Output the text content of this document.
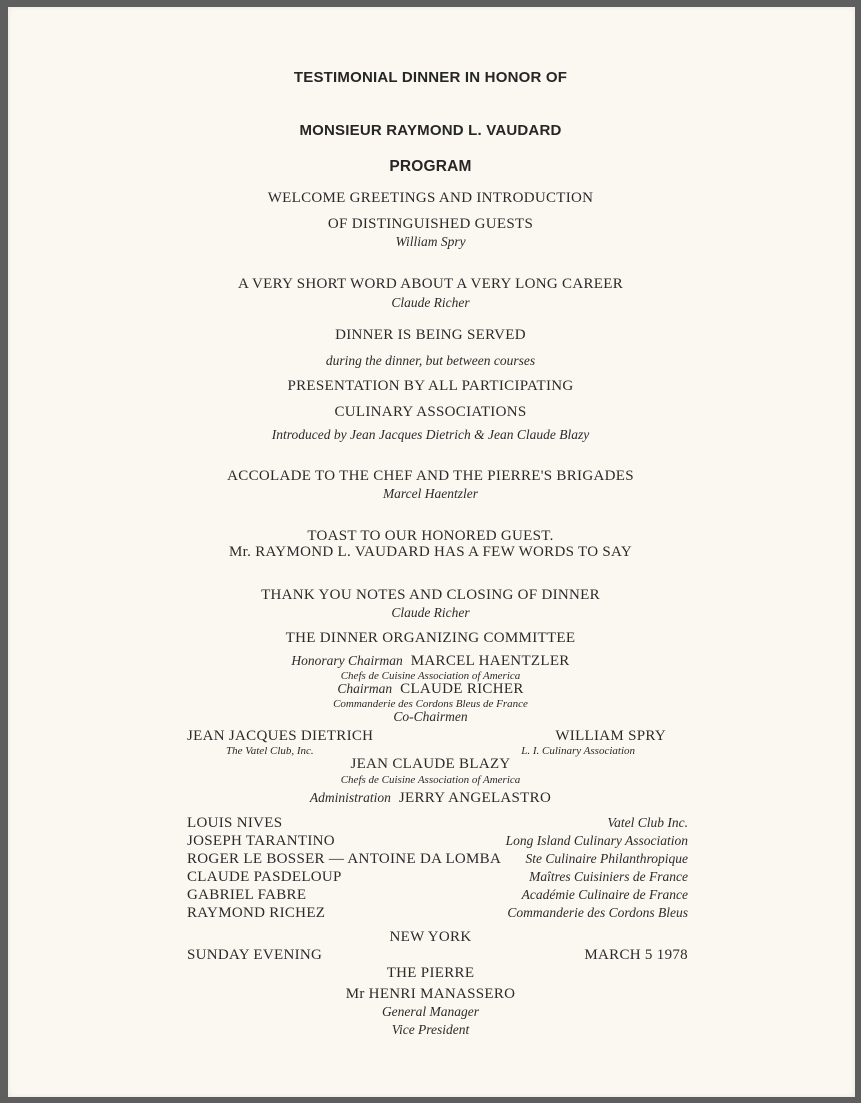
TESTIMONIAL DINNER IN HONOR OF
MONSIEUR RAYMOND L. VAUDARD
PROGRAM
WELCOME GREETINGS AND INTRODUCTION
OF DISTINGUISHED GUESTS
William Spry
A VERY SHORT WORD ABOUT A VERY LONG CAREER
Claude Richer
DINNER IS BEING SERVED
during the dinner, but between courses
PRESENTATION BY ALL PARTICIPATING
CULINARY ASSOCIATIONS
Introduced by Jean Jacques Dietrich & Jean Claude Blazy
ACCOLADE TO THE CHEF AND THE PIERRE'S BRIGADES
Marcel Haentzler
TOAST TO OUR HONORED GUEST.
Mr. RAYMOND L. VAUDARD HAS A FEW WORDS TO SAY
THANK YOU NOTES AND CLOSING OF DINNER
Claude Richer
THE DINNER ORGANIZING COMMITTEE
Honorary Chairman MARCEL HAENTZLER
Chefs de Cuisine Association of America
Chairman CLAUDE RICHER
Commanderie des Cordons Bleus de France
Co-Chairmen
JEAN JACQUES DIETRICH
The Vatel Club, Inc.
WILLIAM SPRY
L. I. Culinary Association
JEAN CLAUDE BLAZY
Chefs de Cuisine Association of America
Administration JERRY ANGELASTRO
LOUIS NIVES	Vatel Club Inc.
JOSEPH TARANTINO	Long Island Culinary Association
ROGER LE BOSSER — ANTOINE DA LOMBA Ste Culinaire Philanthropique
CLAUDE PASDELOUP	Maîtres Cuisiniers de France
GABRIEL FABRE	Académie Culinaire de France
RAYMOND RICHEZ	Commanderie des Cordons Bleus
NEW YORK
SUNDAY EVENING	MARCH 5 1978
THE PIERRE
Mr HENRI MANASSERO
General Manager
Vice President
